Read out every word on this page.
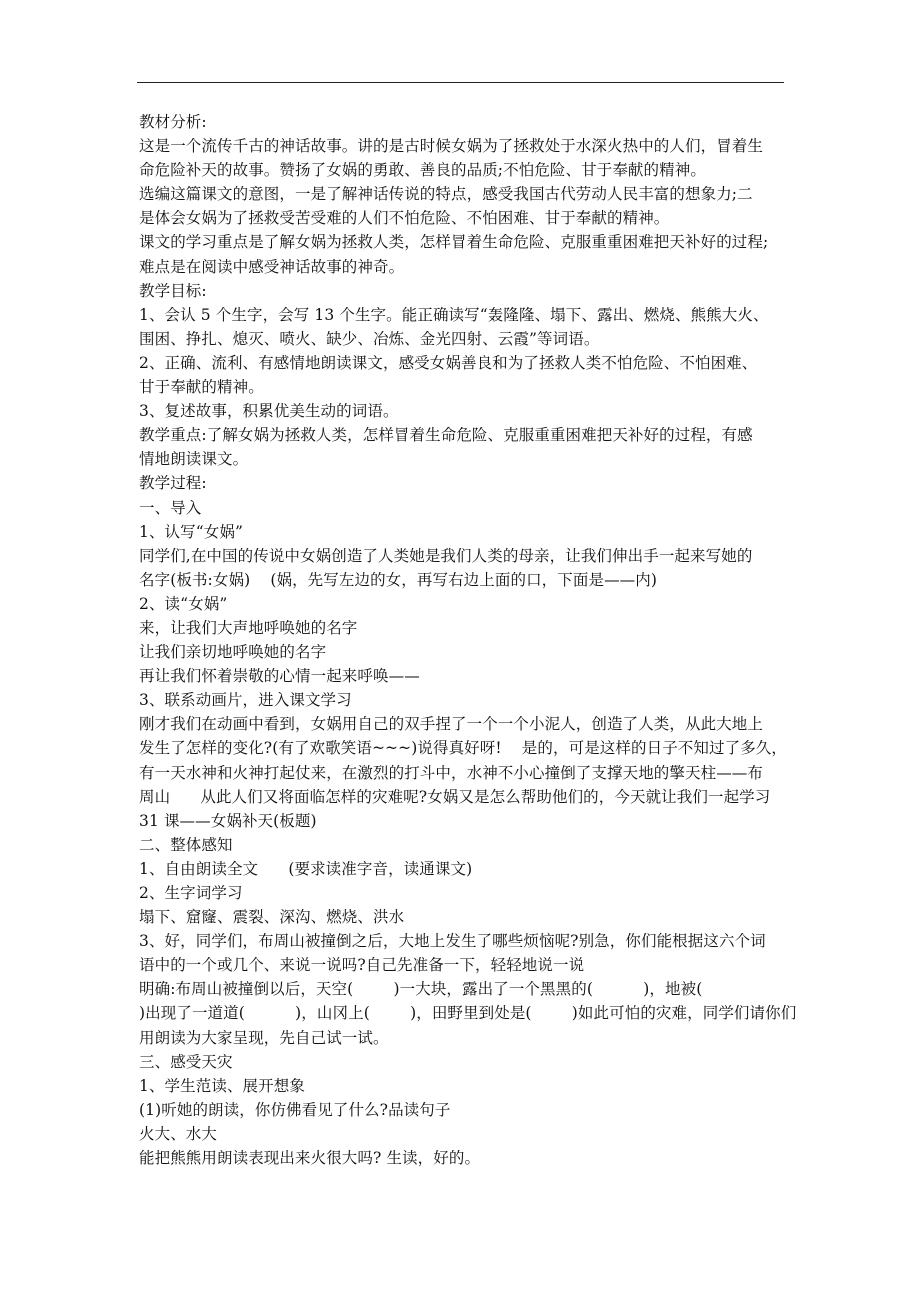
教材分析:
这是一个流传千古的神话故事。讲的是古时候女娲为了拯救处于水深火热中的人们，冒着生
命危险补天的故事。赞扬了女娲的勇敢、善良的品质;不怕危险、甘于奉献的精神。
选编这篇课文的意图，一是了解神话传说的特点，感受我国古代劳动人民丰富的想象力;二
是体会女娲为了拯救受苦受难的人们不怕危险、不怕困难、甘于奉献的精神。
课文的学习重点是了解女娲为拯救人类，怎样冒着生命危险、克服重重困难把天补好的过程;
难点是在阅读中感受神话故事的神奇。
教学目标:
1、会认 5 个生字，会写 13 个生字。能正确读写“轰隆隆、塌下、露出、燃烧、熊熊大火、
围困、挣扎、熄灭、喷火、缺少、冶炼、金光四射、云霞”等词语。
2、正确、流利、有感情地朗读课文，感受女娲善良和为了拯救人类不怕危险、不怕困难、
甘于奉献的精神。
3、复述故事，积累优美生动的词语。
教学重点:了解女娲为拯救人类，怎样冒着生命危险、克服重重困难把天补好的过程，有感
情地朗读课文。
教学过程:
一、导入
1、认写“女娲”
同学们,在中国的传说中女娲创造了人类她是我们人类的母亲，让我们伸出手一起来写她的
名字(板书:女娲)    (娲，先写左边的女，再写右边上面的口，下面是——内)
2、读“女娲”
来，让我们大声地呼唤她的名字
让我们亲切地呼唤她的名字
再让我们怀着崇敬的心情一起来呼唤——
3、联系动画片，进入课文学习
刚才我们在动画中看到，女娲用自己的双手捏了一个一个小泥人，创造了人类，从此大地上
发生了怎样的变化?(有了欢歌笑语~~~)说得真好呀!    是的，可是这样的日子不知过了多久，
有一天水神和火神打起仗来，在激烈的打斗中，水神不小心撞倒了支撑天地的擎天柱——布
周山      从此人们又将面临怎样的灾难呢?女娲又是怎么帮助他们的，今天就让我们一起学习
31 课——女娲补天(板题)
二、整体感知
1、自由朗读全文      (要求读准字音，读通课文)
2、生字词学习
塌下、窟窿、震裂、深沟、燃烧、洪水
3、好，同学们，布周山被撞倒之后，大地上发生了哪些烦恼呢?别急，你们能根据这六个词
语中的一个或几个、来说一说吗?自己先准备一下，轻轻地说一说
明确:布周山被撞倒以后，天空(        )一大块，露出了一个黑黑的(          )，地被(
)出现了一道道(          )，山冈上(        )，田野里到处是(        )如此可怕的灾难，同学们请你们
用朗读为大家呈现，先自己试一试。
三、感受天灾
1、学生范读、展开想象
(1)听她的朗读，你仿佛看见了什么?品读句子
火大、水大
能把熊熊用朗读表现出来火很大吗? 生读，好的。
